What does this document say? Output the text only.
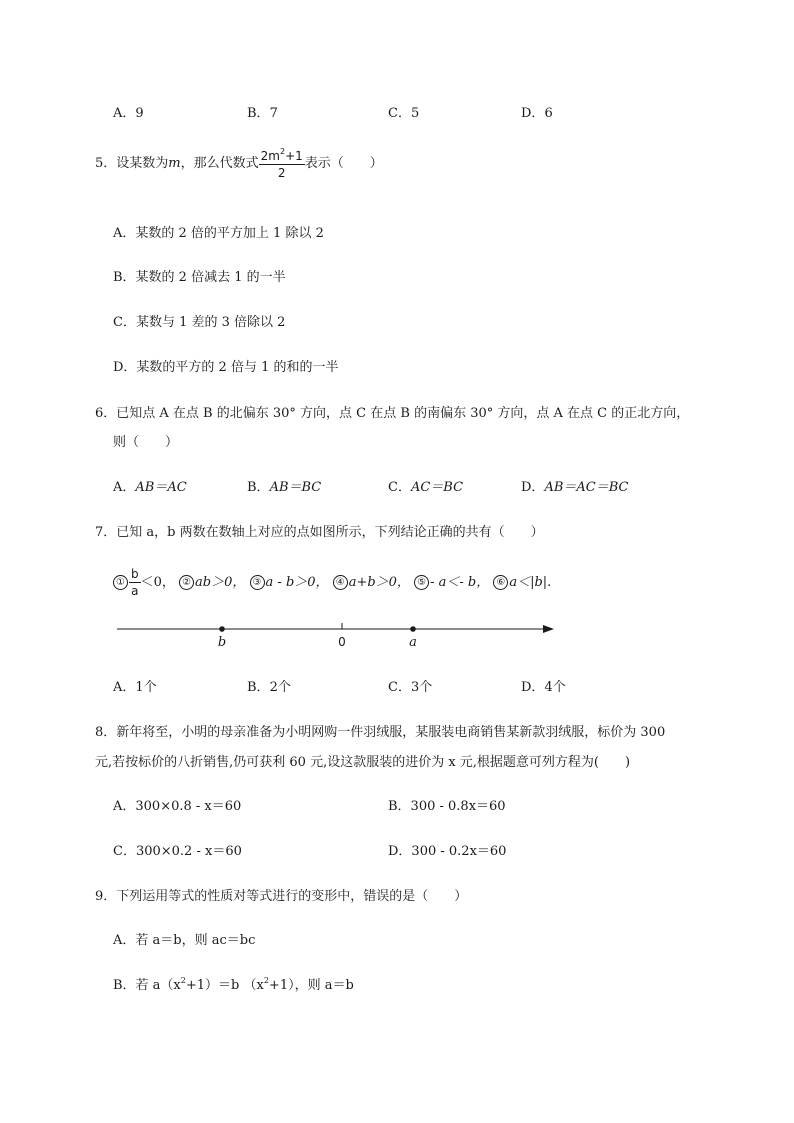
A．9	B．7	C．5	D．6
5．设某数为m，那么代数式 $\frac{2m^2+1}{2}$ 表示（　　）
A．某数的 2 倍的平方加上 1 除以 2
B．某数的 2 倍减去 1 的一半
C．某数与 1 差的 3 倍除以 2
D．某数的平方的 2 倍与 1 的和的一半
6．已知点 A 在点 B 的北偏东 30° 方向，点 C 在点 B 的南偏东 30° 方向，点 A 在点 C 的正北方向，
则（　　）
A．AB＝AC	B．AB＝BC	C．AC＝BC	D．AB＝AC＝BC
7．已知 a，b 两数在数轴上对应的点如图所示，下列结论正确的共有（　　）
① $\frac{b}{a} <0$， ② ab＞0， ③ a - b＞0， ④ a+b＞0， ⑤ - a＜- b， ⑥ a＜|b|.
b	0	a
A．1个	B．2个	C．3个	D．4个
8．新年将至，小明的母亲准备为小明网购一件羽绒服，某服装电商销售某新款羽绒服，标价为 300
元,若按标价的八折销售,仍可获利 60 元,设这款服装的进价为 x 元,根据题意可列方程为(　　)
A．300×0.8 - x＝60	B．300 - 0.8x＝60
C．300×0.2 - x＝60	D．300 - 0.2x＝60
9．下列运用等式的性质对等式进行的变形中，错误的是（　　）
A．若 a＝b，则 ac＝bc
B．若 $a(x^2+1)=b$ $(x^2+1)$，则 a＝b
